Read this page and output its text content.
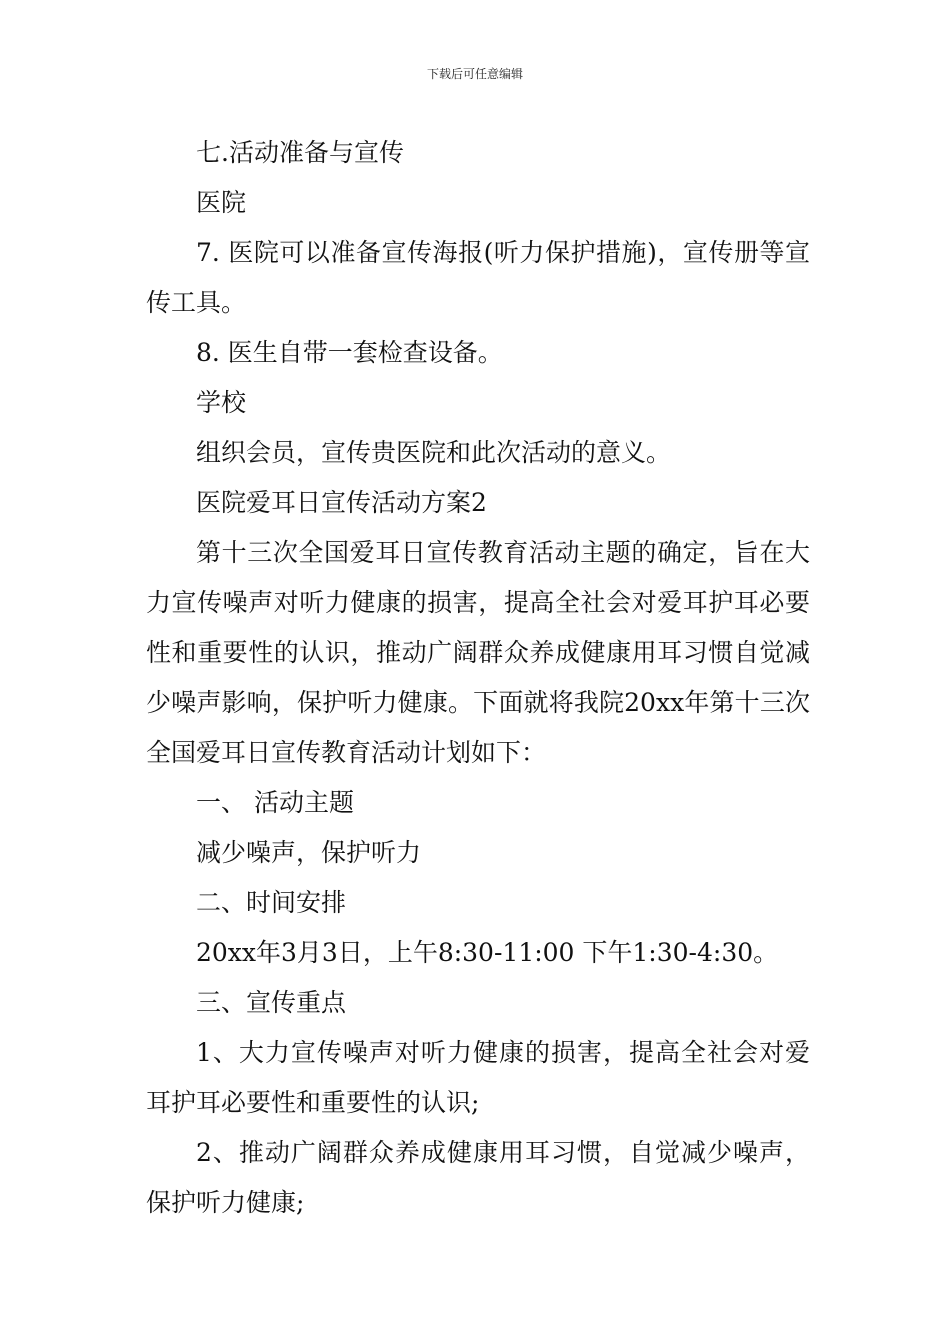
下载后可任意编辑

七.活动准备与宣传

医院

7. 医院可以准备宣传海报(听力保护措施)，宣传册等宣传工具。

8. 医生自带一套检查设备。

学校

组织会员，宣传贵医院和此次活动的意义。

医院爱耳日宣传活动方案2

第十三次全国爱耳日宣传教育活动主题的确定，旨在大力宣传噪声对听力健康的损害，提高全社会对爱耳护耳必要性和重要性的认识，推动广阔群众养成健康用耳习惯自觉减少噪声影响，保护听力健康。下面就将我院20xx年第十三次全国爱耳日宣传教育活动计划如下：

一、 活动主题

减少噪声，保护听力

二、时间安排

20xx年3月3日，上午8:30-11:00 下午1:30-4:30。

三、宣传重点

1、大力宣传噪声对听力健康的损害，提高全社会对爱耳护耳必要性和重要性的认识;

2、推动广阔群众养成健康用耳习惯，自觉减少噪声，保护听力健康;
